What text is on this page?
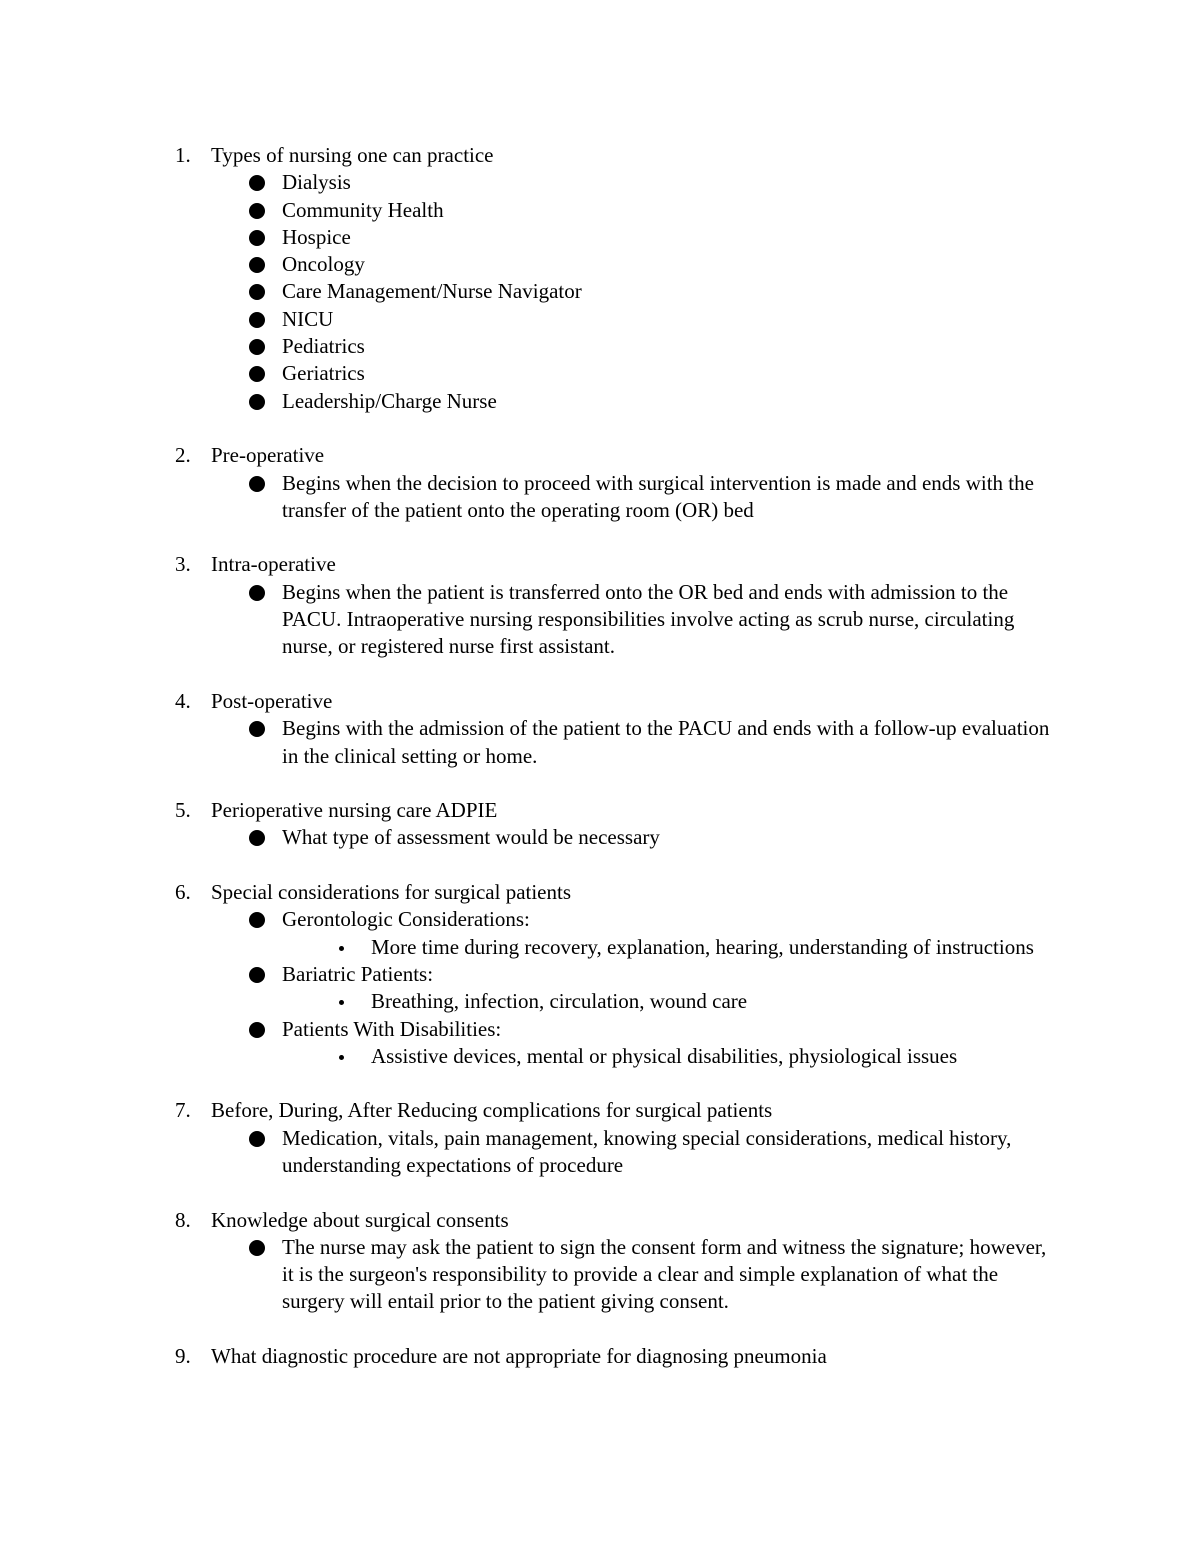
1. Types of nursing one can practice
Dialysis
Community Health
Hospice
Oncology
Care Management/Nurse Navigator
NICU
Pediatrics
Geriatrics
Leadership/Charge Nurse
2. Pre-operative
Begins when the decision to proceed with surgical intervention is made and ends with the transfer of the patient onto the operating room (OR) bed
3. Intra-operative
Begins when the patient is transferred onto the OR bed and ends with admission to the PACU. Intraoperative nursing responsibilities involve acting as scrub nurse, circulating nurse, or registered nurse first assistant.
4. Post-operative
Begins with the admission of the patient to the PACU and ends with a follow-up evaluation in the clinical setting or home.
5. Perioperative nursing care ADPIE
What type of assessment would be necessary
6. Special considerations for surgical patients
Gerontologic Considerations:
More time during recovery, explanation, hearing, understanding of instructions
Bariatric Patients:
Breathing, infection, circulation, wound care
Patients With Disabilities:
Assistive devices, mental or physical disabilities, physiological issues
7. Before, During, After Reducing complications for surgical patients
Medication, vitals, pain management, knowing special considerations, medical history, understanding expectations of procedure
8. Knowledge about surgical consents
The nurse may ask the patient to sign the consent form and witness the signature; however, it is the surgeon's responsibility to provide a clear and simple explanation of what the surgery will entail prior to the patient giving consent.
9. What diagnostic procedure are not appropriate for diagnosing pneumonia
